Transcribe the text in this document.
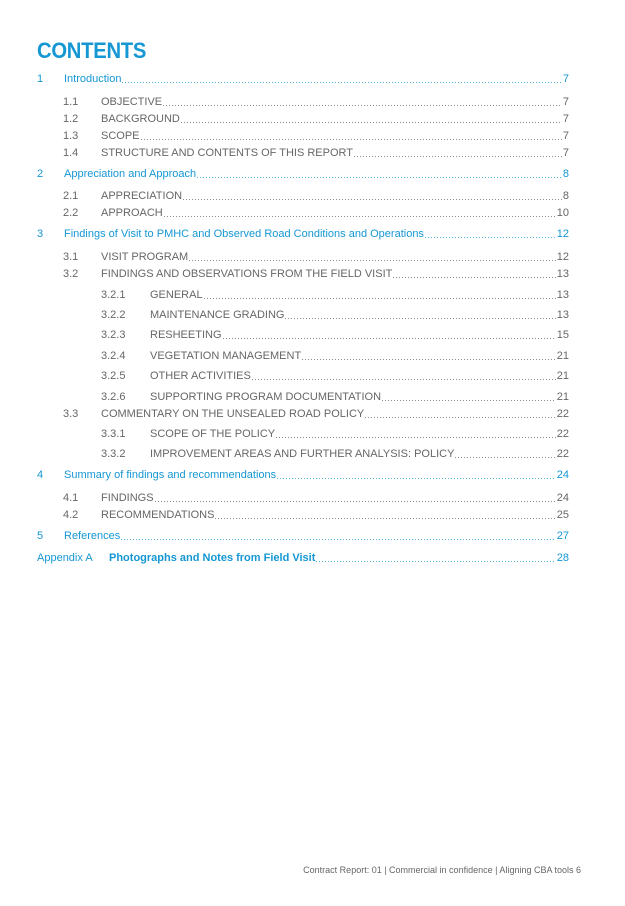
CONTENTS
1	Introduction	7
1.1	OBJECTIVE	7
1.2	BACKGROUND	7
1.3	SCOPE	7
1.4	STRUCTURE AND CONTENTS OF THIS REPORT	7
2	Appreciation and Approach	8
2.1	APPRECIATION	8
2.2	APPROACH	10
3	Findings of Visit to PMHC and Observed Road Conditions and Operations	12
3.1	VISIT PROGRAM	12
3.2	FINDINGS AND OBSERVATIONS FROM THE FIELD VISIT	13
3.2.1	GENERAL	13
3.2.2	MAINTENANCE GRADING	13
3.2.3	RESHEETING	15
3.2.4	VEGETATION MANAGEMENT	21
3.2.5	OTHER ACTIVITIES	21
3.2.6	SUPPORTING PROGRAM DOCUMENTATION	21
3.3	COMMENTARY ON THE UNSEALED ROAD POLICY	22
3.3.1	SCOPE OF THE POLICY	22
3.3.2	IMPROVEMENT AREAS AND FURTHER ANALYSIS: POLICY	22
4	Summary of findings and recommendations	24
4.1	FINDINGS	24
4.2	RECOMMENDATIONS	25
5	References	27
Appendix A	Photographs and Notes from Field Visit	28
Contract Report: 01 | Commercial in confidence | Aligning CBA tools 6
